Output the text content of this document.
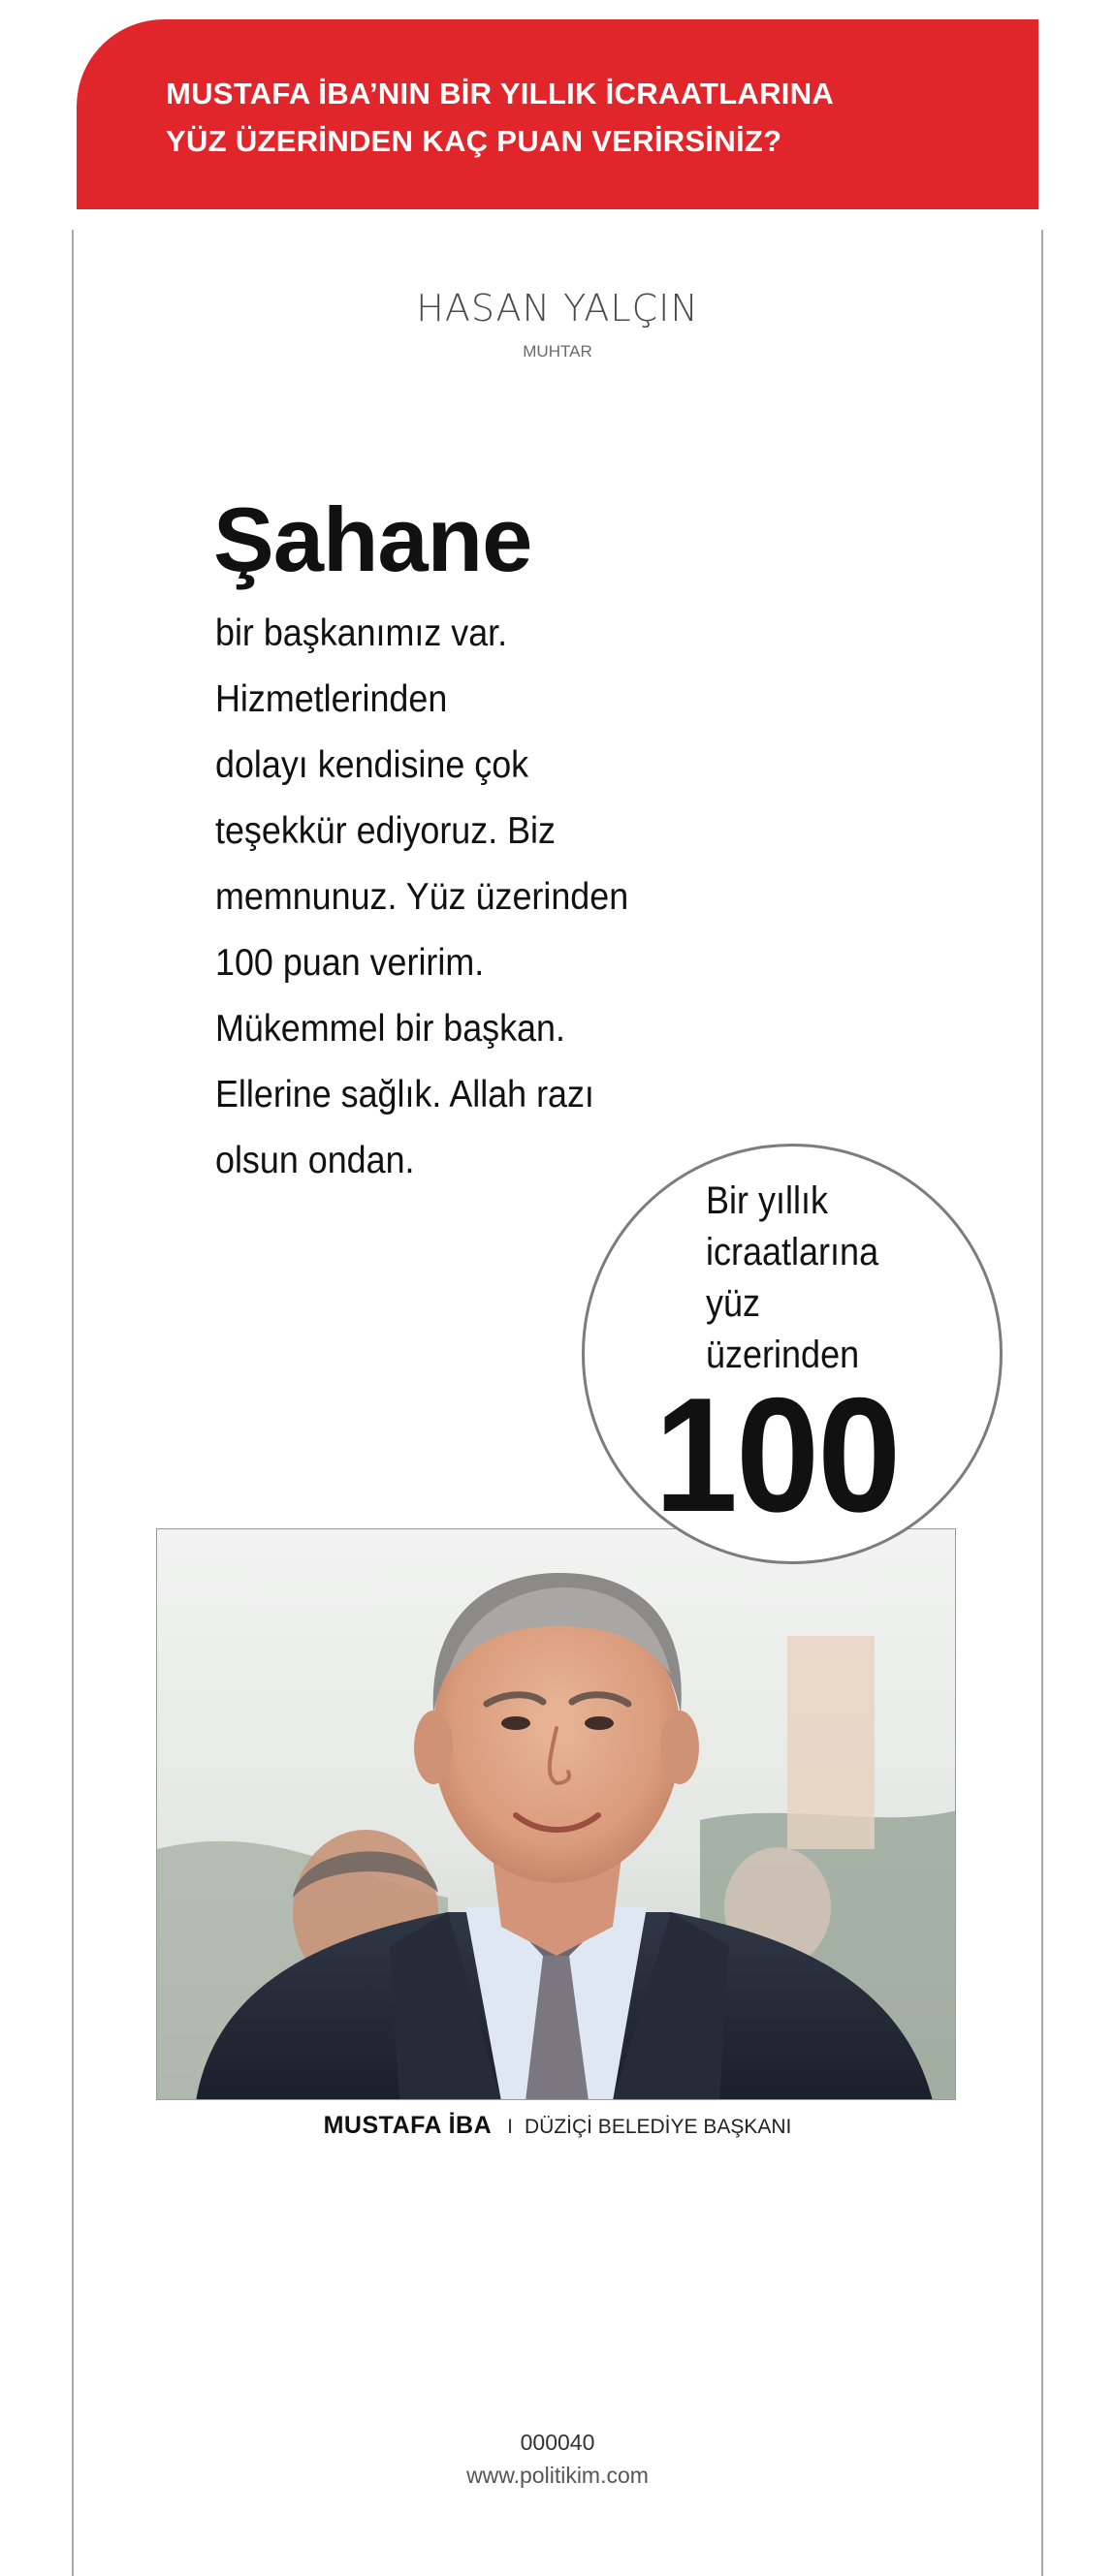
MUSTAFA İBA’NIN BİR YILLIK İCRAATLARINA
YÜZ ÜZERİNDEN KAÇ PUAN VERİRSİNİZ?
HASAN YALÇIN
MUHTAR
Şahane
bir başkanımız var.
Hizmetlerinden
dolayı kendisine çok
teşekkür ediyoruz. Biz
memnunuz. Yüz üzerinden
100 puan veririm.
Mükemmel bir başkan.
Ellerine sağlık. Allah razı
olsun ondan.
Bir yıllık
icraatlarına
yüz
üzerinden
100
MUSTAFA İBA I DÜZİÇİ BELEDİYE BAŞKANI
000040
www.politikim.com
